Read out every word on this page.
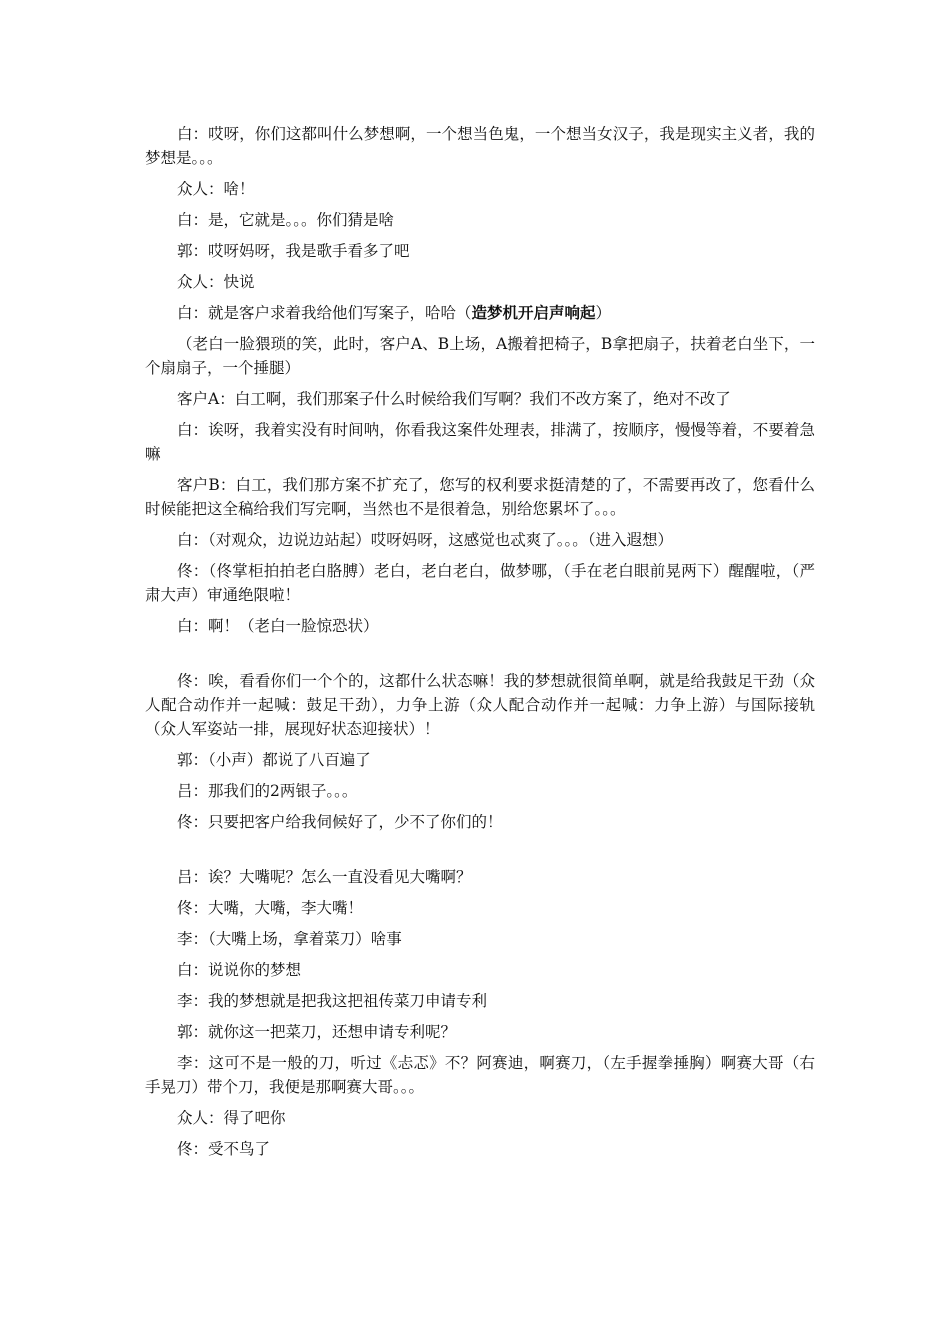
白：哎呀，你们这都叫什么梦想啊，一个想当色鬼，一个想当女汉子，我是现实主义者，我的梦想是。。。

众人：啥！

白：是，它就是。。。你们猜是啥

郭：哎呀妈呀，我是歌手看多了吧

众人：快说

白：就是客户求着我给他们写案子，哈哈（造梦机开启声响起）

（老白一脸猥琐的笑，此时，客户A、B上场，A搬着把椅子，B拿把扇子，扶着老白坐下，一个扇扇子，一个捶腿）

客户A：白工啊，我们那案子什么时候给我们写啊？我们不改方案了，绝对不改了

白：诶呀，我着实没有时间呐，你看我这案件处理表，排满了，按顺序，慢慢等着，不要着急嘛

客户B：白工，我们那方案不扩充了，您写的权利要求挺清楚的了，不需要再改了，您看什么时候能把这全稿给我们写完啊，当然也不是很着急，别给您累坏了。。。

白：（对观众，边说边站起）哎呀妈呀，这感觉也忒爽了。。。（进入遐想）

佟：（佟掌柜拍拍老白胳膊）老白，老白老白，做梦哪，（手在老白眼前晃两下）醒醒啦，（严肃大声）审通绝限啦！

白：啊！（老白一脸惊恐状）

佟：唉，看看你们一个个的，这都什么状态嘛！我的梦想就很简单啊，就是给我鼓足干劲（众人配合动作并一起喊：鼓足干劲），力争上游（众人配合动作并一起喊：力争上游）与国际接轨（众人军姿站一排，展现好状态迎接状）！

郭：（小声）都说了八百遍了

吕：那我们的2两银子。。。

佟：只要把客户给我伺候好了，少不了你们的！

吕：诶？大嘴呢？怎么一直没看见大嘴啊？

佟：大嘴，大嘴，李大嘴！

李：（大嘴上场，拿着菜刀）啥事

白：说说你的梦想

李：我的梦想就是把我这把祖传菜刀申请专利

郭：就你这一把菜刀，还想申请专利呢？

李：这可不是一般的刀，听过《忐忑》不？阿赛迪，啊赛刀，（左手握拳捶胸）啊赛大哥（右手晃刀）带个刀，我便是那啊赛大哥。。。

众人：得了吧你

佟：受不鸟了
